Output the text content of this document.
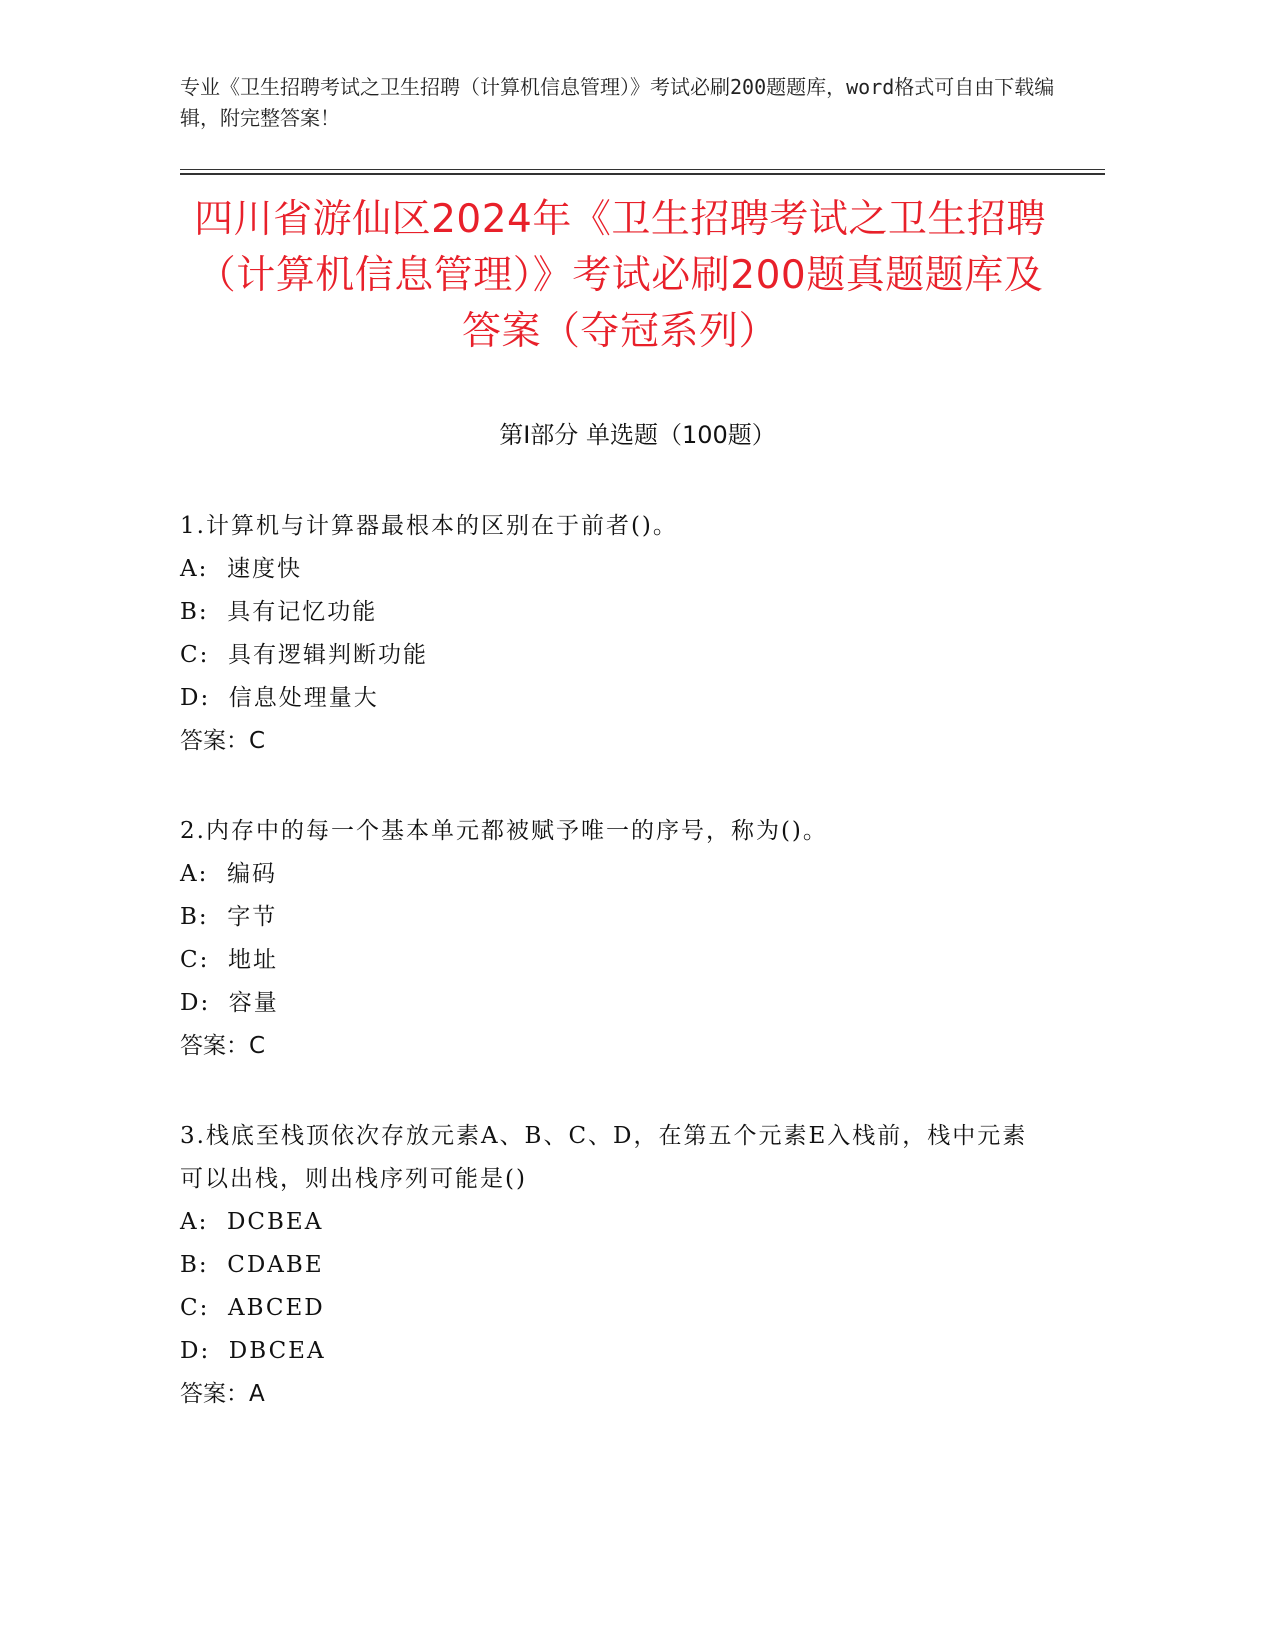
专业《卫生招聘考试之卫生招聘（计算机信息管理）》考试必刷200题题库，word格式可自由下载编辑，附完整答案！
四川省游仙区2024年《卫生招聘考试之卫生招聘（计算机信息管理）》考试必刷200题真题题库及答案（夺冠系列）
第Ⅰ部分 单选题（100题）

1.计算机与计算器最根本的区别在于前者()。

A:  速度快

B:  具有记忆功能

C:  具有逻辑判断功能

D:  信息处理量大

答案：C

2.内存中的每一个基本单元都被赋予唯一的序号，称为()。

A:  编码

B:  字节

C:  地址

D:  容量

答案：C

3.栈底至栈顶依次存放元素A、B、C、D，在第五个元素E入栈前，栈中元素可以出栈，则出栈序列可能是()

A:  DCBEA

B:  CDABE

C:  ABCED

D:  DBCEA

答案：A
